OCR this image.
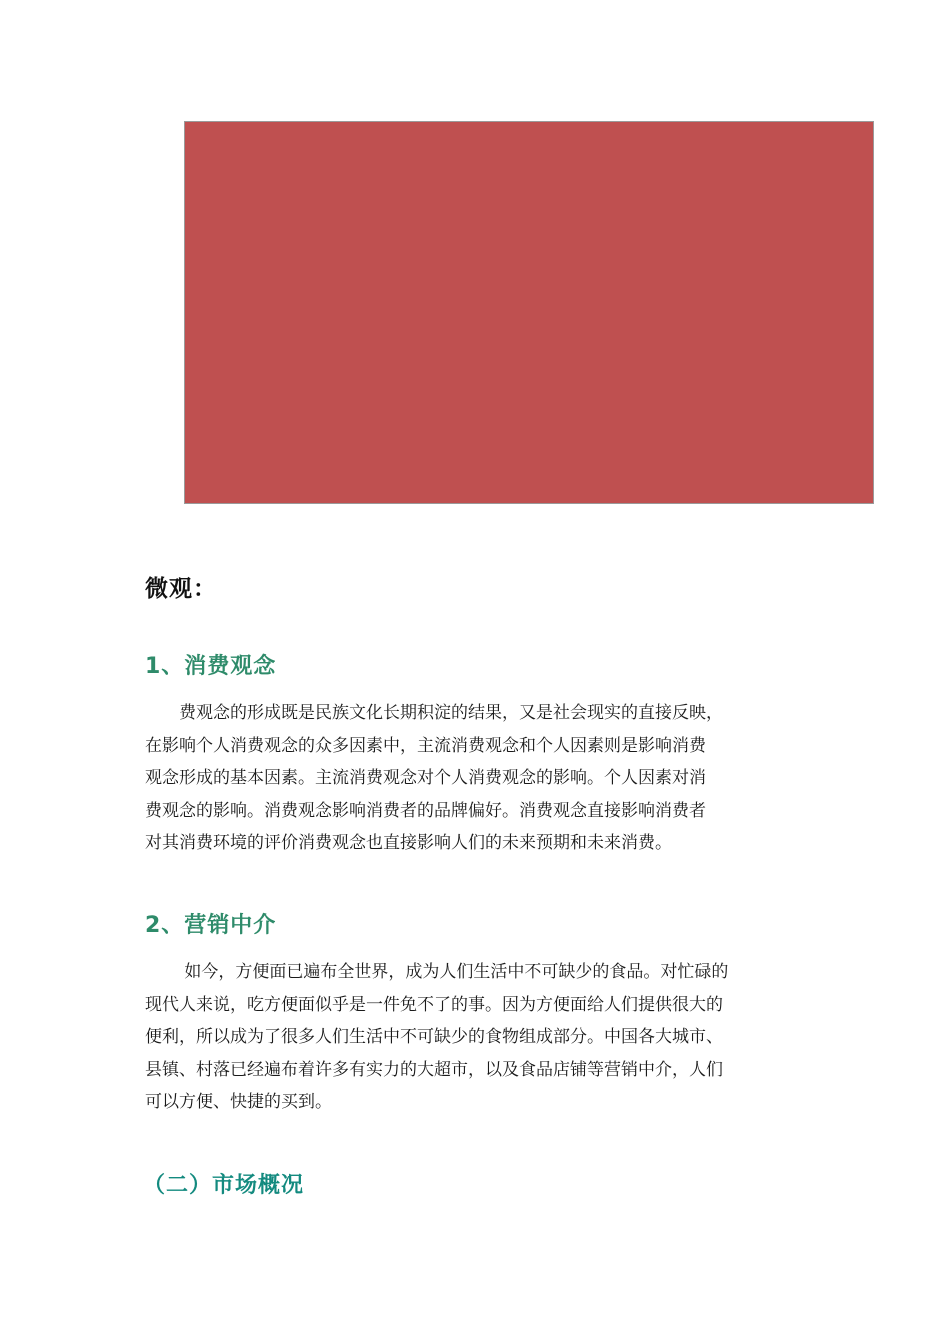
微观：
1、消费观念

　　费观念的形成既是民族文化长期积淀的结果，又是社会现实的直接反映，
在影响个人消费观念的众多因素中，主流消费观念和个人因素则是影响消费
观念形成的基本因素。主流消费观念对个人消费观念的影响。个人因素对消
费观念的影响。消费观念影响消费者的品牌偏好。消费观念直接影响消费者
对其消费环境的评价消费观念也直接影响人们的未来预期和未来消费。

2、营销中介

　　 如今，方便面已遍布全世界，成为人们生活中不可缺少的食品。对忙碌的
现代人来说，吃方便面似乎是一件免不了的事。因为方便面给人们提供很大的
便利，所以成为了很多人们生活中不可缺少的食物组成部分。中国各大城市、
县镇、村落已经遍布着许多有实力的大超市，以及食品店铺等营销中介，人们
可以方便、快捷的买到。

（二）市场概况
